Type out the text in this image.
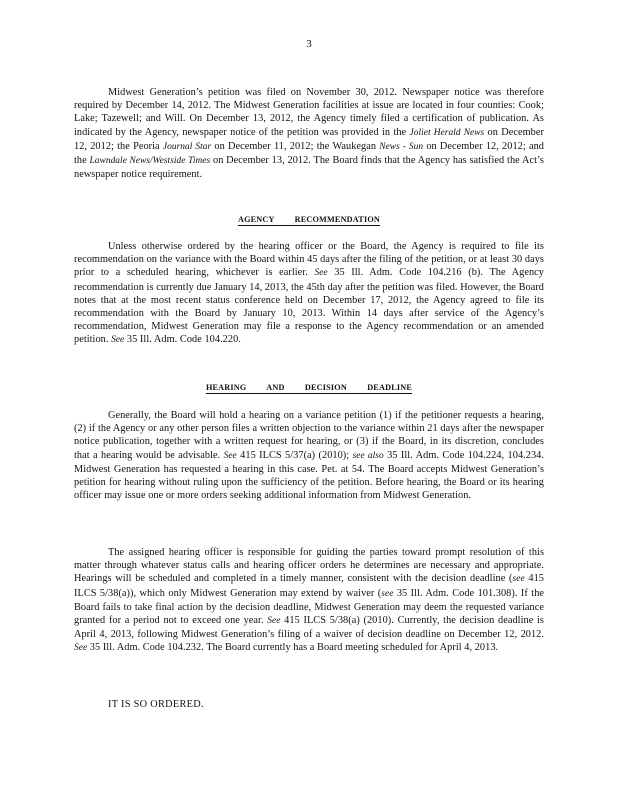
3

Midwest Generation’s petition was filed on November 30, 2012. Newspaper notice was therefore required by December 14, 2012. The Midwest Generation facilities at issue are located in four counties: Cook; Lake; Tazewell; and Will. On December 13, 2012, the Agency timely filed a certification of publication. As indicated by the Agency, newspaper notice of the petition was provided in the Joliet Herald News on December 12, 2012; the Peoria Journal Star on December 11, 2012; the Waukegan News - Sun on December 12, 2012; and the Lawndale News/Westside Times on December 13, 2012. The Board finds that the Agency has satisfied the Act’s newspaper notice requirement.

AGENCY RECOMMENDATION

Unless otherwise ordered by the hearing officer or the Board, the Agency is required to file its recommendation on the variance with the Board within 45 days after the filing of the petition, or at least 30 days prior to a scheduled hearing, whichever is earlier. See 35 Ill. Adm. Code 104.216 (b). The Agency recommendation is currently due January 14, 2013, the 45th day after the petition was filed. However, the Board notes that at the most recent status conference held on December 17, 2012, the Agency agreed to file its recommendation with the Board by January 10, 2013. Within 14 days after service of the Agency’s recommendation, Midwest Generation may file a response to the Agency recommendation or an amended petition. See 35 Ill. Adm. Code 104.220.

HEARING AND DECISION DEADLINE

Generally, the Board will hold a hearing on a variance petition (1) if the petitioner requests a hearing, (2) if the Agency or any other person files a written objection to the variance within 21 days after the newspaper notice publication, together with a written request for hearing, or (3) if the Board, in its discretion, concludes that a hearing would be advisable. See 415 ILCS 5/37(a) (2010); see also 35 Ill. Adm. Code 104.224, 104.234. Midwest Generation has requested a hearing in this case. Pet. at 54. The Board accepts Midwest Generation’s petition for hearing without ruling upon the sufficiency of the petition. Before hearing, the Board or its hearing officer may issue one or more orders seeking additional information from Midwest Generation.

The assigned hearing officer is responsible for guiding the parties toward prompt resolution of this matter through whatever status calls and hearing officer orders he determines are necessary and appropriate. Hearings will be scheduled and completed in a timely manner, consistent with the decision deadline (see 415 ILCS 5/38(a)), which only Midwest Generation may extend by waiver (see 35 Ill. Adm. Code 101.308). If the Board fails to take final action by the decision deadline, Midwest Generation may deem the requested variance granted for a period not to exceed one year. See 415 ILCS 5/38(a) (2010). Currently, the decision deadline is April 4, 2013, following Midwest Generation’s filing of a waiver of decision deadline on December 12, 2012. See 35 Ill. Adm. Code 104.232. The Board currently has a Board meeting scheduled for April 4, 2013.

IT IS SO ORDERED.
